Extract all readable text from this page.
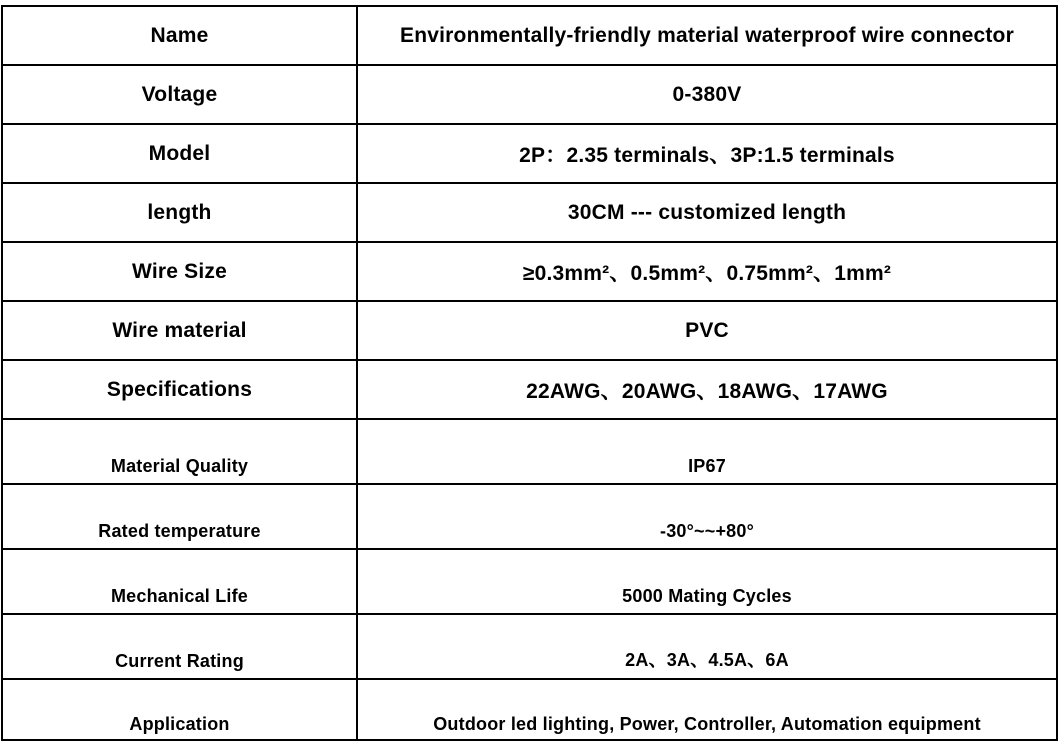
Name	Environmentally-friendly material waterproof wire connector
Voltage	0-380V
Model	2P：2.35 terminals、3P:1.5 terminals
length	30CM --- customized length
Wire Size	≥0.3mm²、0.5mm²、0.75mm²、1mm²
Wire material	PVC
Specifications	22AWG、20AWG、18AWG、17AWG
Material Quality	IP67
Rated temperature	-30°~~+80°
Mechanical Life	5000 Mating Cycles
Current Rating	2A、3A、4.5A、6A
Application	Outdoor led lighting, Power, Controller, Automation equipment
